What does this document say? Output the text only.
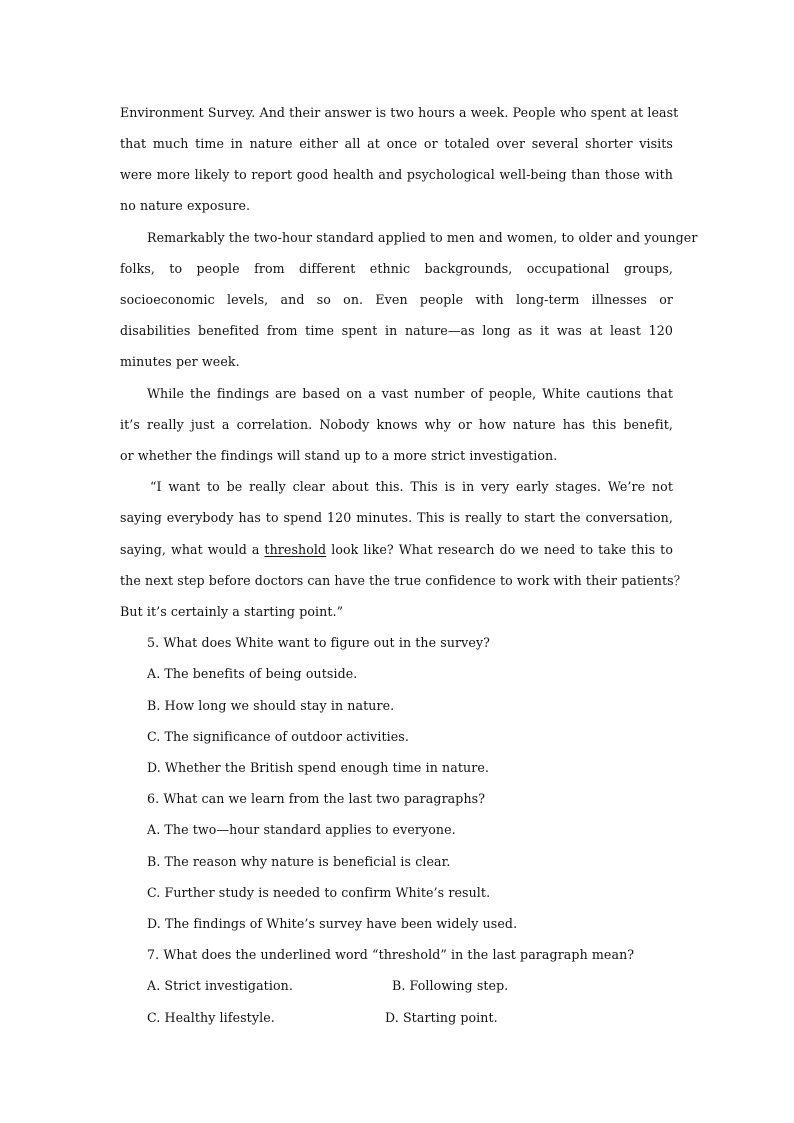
Environment Survey. And their answer is two hours a week. People who spent at least
that much time in nature either all at once or totaled over several shorter visits
were more likely to report good health and psychological well-being than those with
no nature exposure.
Remarkably the two-hour standard applied to men and women, to older and younger
folks, to people from different ethnic backgrounds, occupational groups,
socioeconomic levels, and so on. Even people with long-term illnesses or
disabilities benefited from time spent in nature—as long as it was at least 120
minutes per week.
While the findings are based on a vast number of people, White cautions that
it’s really just a correlation. Nobody knows why or how nature has this benefit,
or whether the findings will stand up to a more strict investigation.
“I want to be really clear about this. This is in very early stages. We’re not
saying everybody has to spend 120 minutes. This is really to start the conversation,
saying, what would a threshold look like? What research do we need to take this to
the next step before doctors can have the true confidence to work with their patients？
But it’s certainly a starting point.”
5. What does White want to figure out in the survey?
A. The benefits of being outside.
B. How long we should stay in nature.
C. The significance of outdoor activities.
D. Whether the British spend enough time in nature.
6. What can we learn from the last two paragraphs?
A. The two—hour standard applies to everyone.
B. The reason why nature is beneficial is clear.
C. Further study is needed to confirm White’s result.
D. The findings of White’s survey have been widely used.
7. What does the underlined word “threshold” in the last paragraph mean?
A. Strict investigation.	B. Following step.
C. Healthy lifestyle.	D. Starting point.
